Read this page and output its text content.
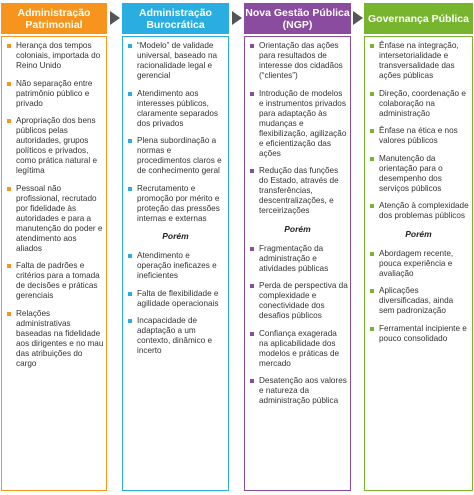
Administração Patrimonial
Administração Burocrática
Nova Gestão Pública (NGP)	Governança Pública
Herança dos tempos coloniais, importada do Reino Unido
Não separação entre patrimônio público e privado
Apropriação dos bens públicos pelas autoridades, grupos políticos e privados, como prática natural e legítima
Pessoal não profissional, recrutado por fidelidade às autoridades e para a manutenção do poder e atendimento aos aliados
Falta de padrões e critérios para a tomada de decisões e práticas gerenciais
Relações administrativas baseadas na fidelidade aos dirigentes e no mau das atribuições do cargo
“Modelo” de validade universal, baseado na racionalidade legal e gerencial
Atendimento aos interesses públicos, claramente separados dos privados
Plena subordinação a normas e procedimentos claros e de conhecimento geral
Recrutamento e promoção por mérito e proteção das pressões internas e externas
Porém
Atendimento e operação ineficazes e ineficientes
Falta de flexibilidade e agilidade operacionais
Incapacidade de adaptação a um contexto, dinâmico e incerto
Orientação das ações para resultados de interesse dos cidadãos (“clientes”)
Introdução de modelos e instrumentos privados para adaptação às mudanças e flexibilização, agilização e eficientização das ações
Redução das funções do Estado, através de transferências, descentralizações, e terceirizações
Porém
Fragmentação da administração e atividades públicas
Perda de perspectiva da complexidade e conectividade dos desafios públicos
Confiança exagerada na aplicabilidade dos modelos e práticas de mercado
Desatenção aos valores e natureza da administração pública
Ênfase na integração, intersetorialidade e transversalidade das ações públicas
Direção, coordenação e colaboração na administração
Ênfase na ética e nos valores públicos
Manutenção da orientação para o desempenho dos serviços públicos
Atenção à complexidade dos problemas públicos
Porém
Abordagem recente, pouca experiência e avaliação
Aplicações diversificadas, ainda sem padronização
Ferramental incipiente e pouco consolidado
